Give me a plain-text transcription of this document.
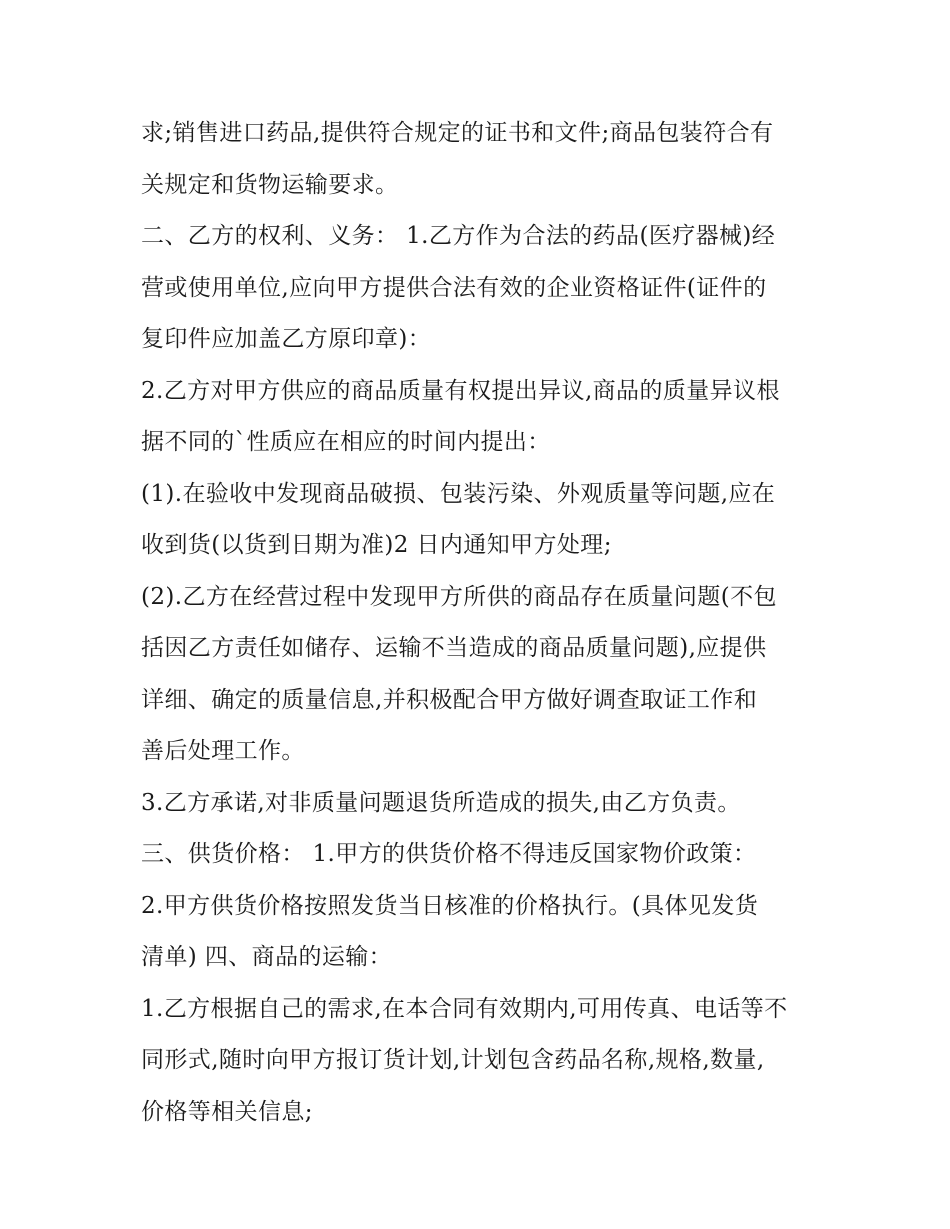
求;销售进口药品,提供符合规定的证书和文件;商品包装符合有
关规定和货物运输要求。
二、乙方的权利、义务： 1.乙方作为合法的药品(医疗器械)经
营或使用单位,应向甲方提供合法有效的企业资格证件(证件的
复印件应加盖乙方原印章)：
2.乙方对甲方供应的商品质量有权提出异议,商品的质量异议根
据不同的`性质应在相应的时间内提出：
(1).在验收中发现商品破损、包装污染、外观质量等问题,应在
收到货(以货到日期为准)2 日内通知甲方处理;
(2).乙方在经营过程中发现甲方所供的商品存在质量问题(不包
括因乙方责任如储存、运输不当造成的商品质量问题),应提供
详细、确定的质量信息,并积极配合甲方做好调查取证工作和
善后处理工作。
3.乙方承诺,对非质量问题退货所造成的损失,由乙方负责。
三、供货价格： 1.甲方的供货价格不得违反国家物价政策：
2.甲方供货价格按照发货当日核准的价格执行。(具体见发货
清单) 四、商品的运输：
1.乙方根据自己的需求,在本合同有效期内,可用传真、电话等不
同形式,随时向甲方报订货计划,计划包含药品名称,规格,数量,
价格等相关信息;
